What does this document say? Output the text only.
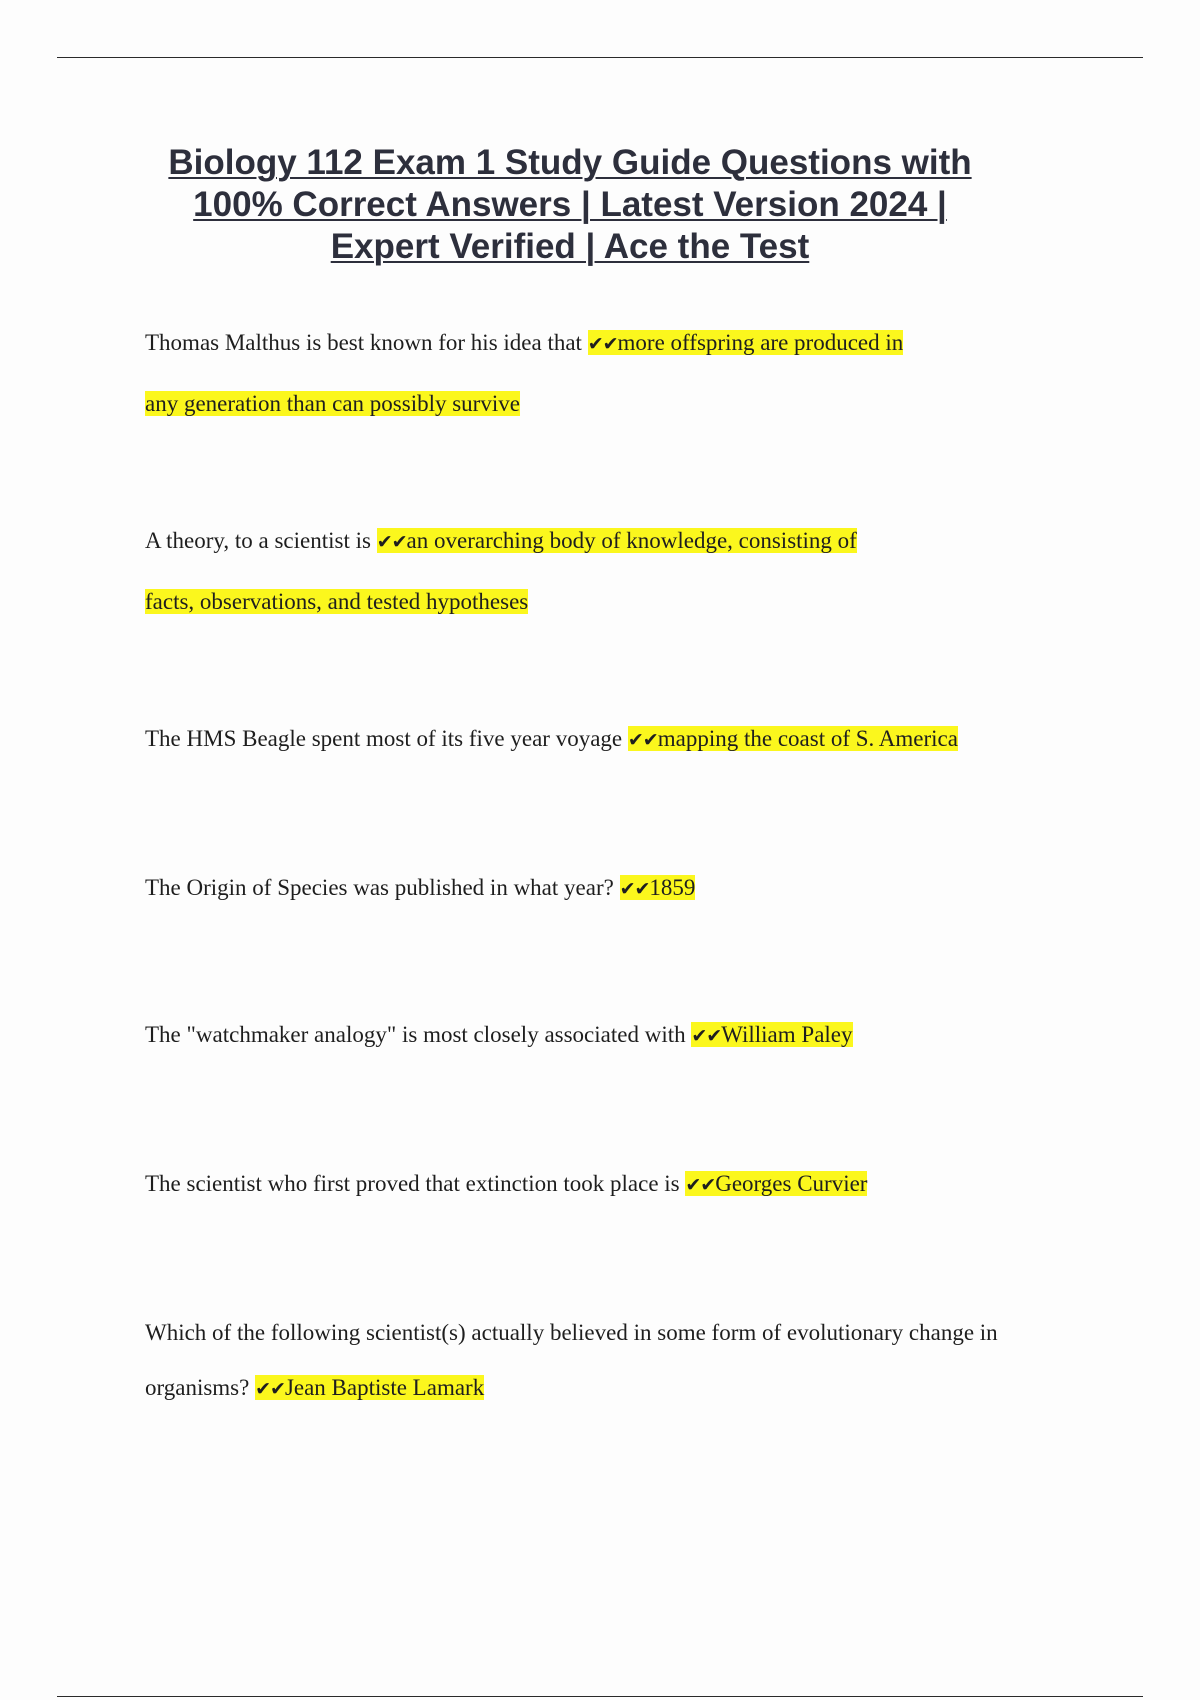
Biology 112 Exam 1 Study Guide Questions with
100% Correct Answers | Latest Version 2024 |
Expert Verified | Ace the Test

Thomas Malthus is best known for his idea that ✔✔more offspring are produced in
any generation than can possibly survive

A theory, to a scientist is ✔✔an overarching body of knowledge, consisting of
facts, observations, and tested hypotheses

The HMS Beagle spent most of its five year voyage ✔✔mapping the coast of S. America

The Origin of Species was published in what year? ✔✔1859

The "watchmaker analogy" is most closely associated with ✔✔William Paley

The scientist who first proved that extinction took place is ✔✔Georges Curvier

Which of the following scientist(s) actually believed in some form of evolutionary change in
organisms? ✔✔Jean Baptiste Lamark
